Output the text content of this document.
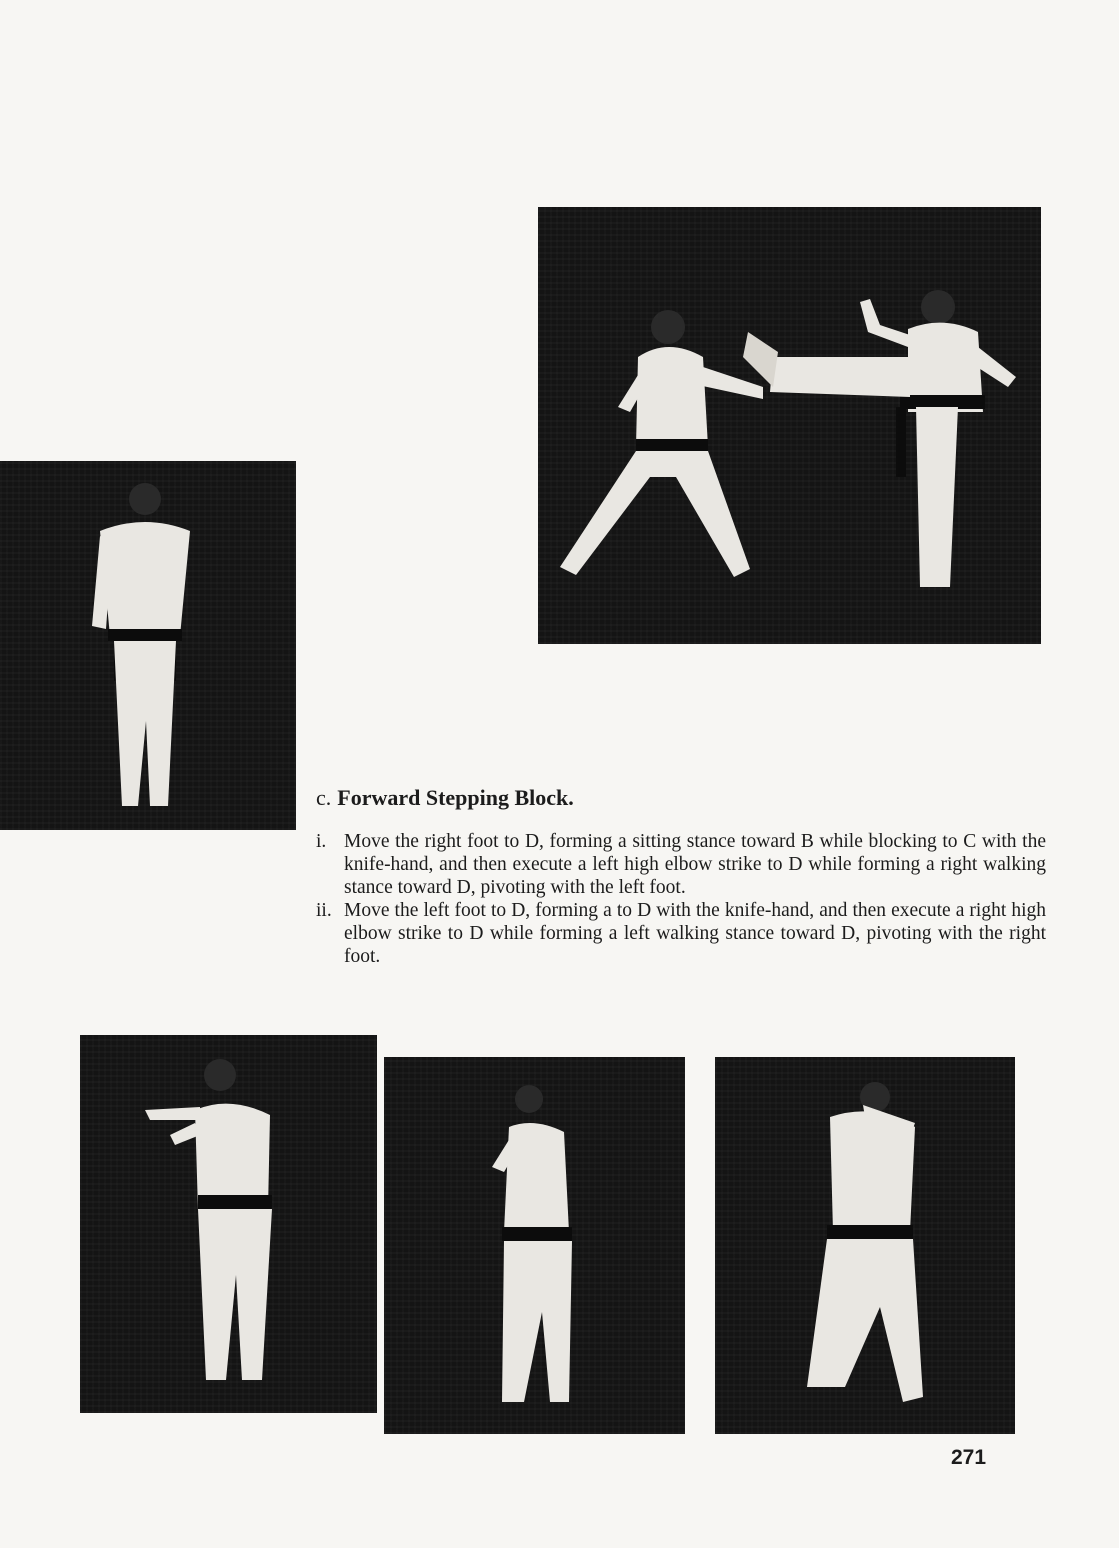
c. Forward Stepping Block.
i. Move the right foot to D, forming a sitting stance toward B while blocking to C with the knife-hand, and then execute a left high elbow strike to D while forming a right walking stance toward D, pivoting with the left foot.
ii. Move the left foot to D, forming a to D with the knife-hand, and then execute a right high elbow strike to D while forming a left walking stance toward D, pivoting with the right foot.
271
